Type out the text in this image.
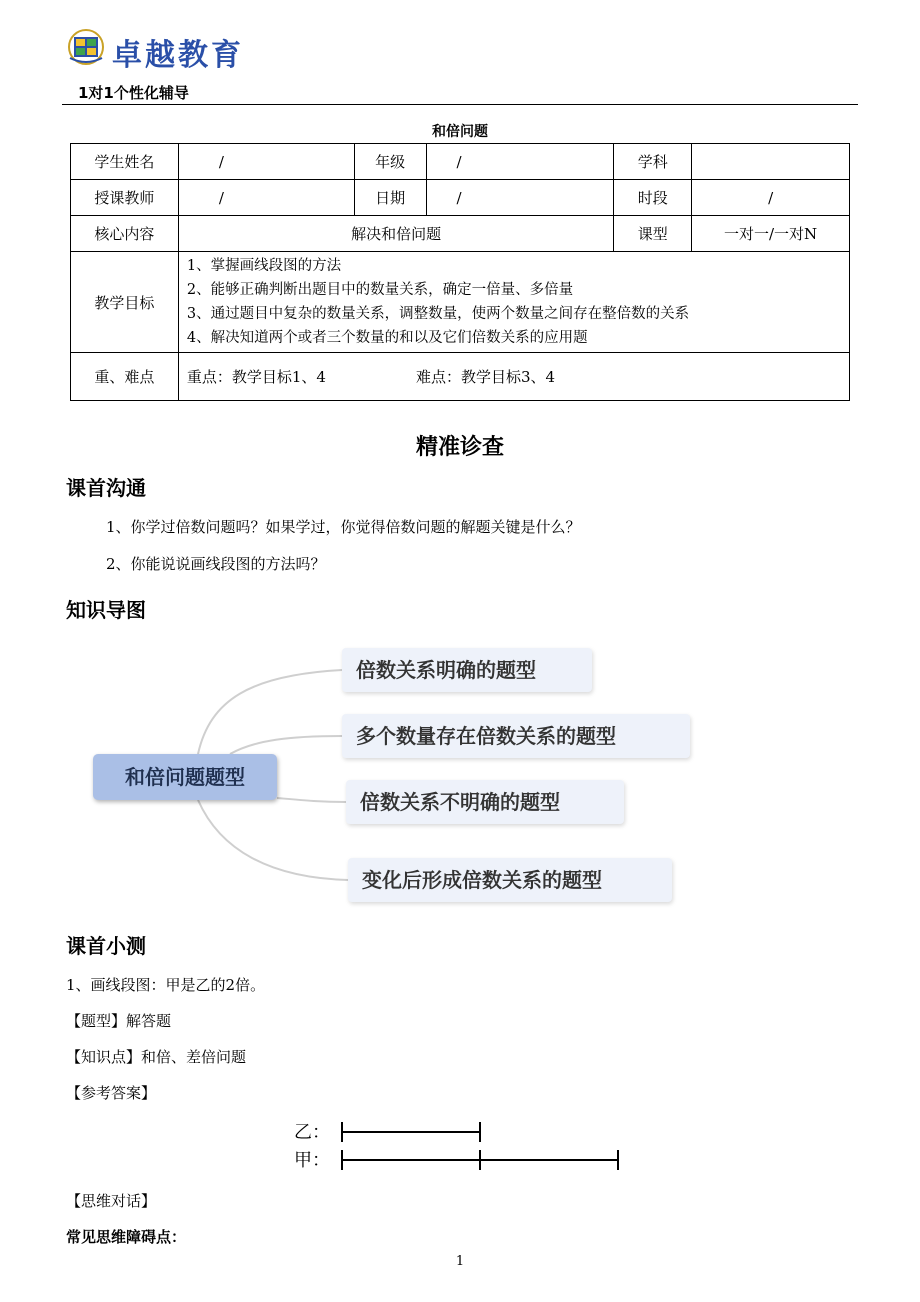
卓越教育
1对1个性化辅导
和倍问题
学生姓名	/	年级	/	学科	
授课教师	/	日期	/	时段	/
核心内容	解决和倍问题			课型	一对一/一对N
教学目标	1、掌握画线段图的方法
2、能够正确判断出题目中的数量关系，确定一倍量、多倍量
3、通过题目中复杂的数量关系，调整数量，使两个数量之间存在整倍数的关系
4、解决知道两个或者三个数量的和以及它们倍数关系的应用题				

重、难点	重点：教学目标1、4 难点：教学目标3、4				
精准诊查
课首沟通
1、你学过倍数问题吗？如果学过，你觉得倍数问题的解题关键是什么？
2、你能说说画线段图的方法吗？
知识导图
和倍问题题型
倍数关系明确的题型
多个数量存在倍数关系的题型
倍数关系不明确的题型
变化后形成倍数关系的题型
课首小测
1、画线段图：甲是乙的2倍。
【题型】解答题
【知识点】和倍、差倍问题
【参考答案】
乙：
甲：
【思维对话】
常见思维障碍点：
1
